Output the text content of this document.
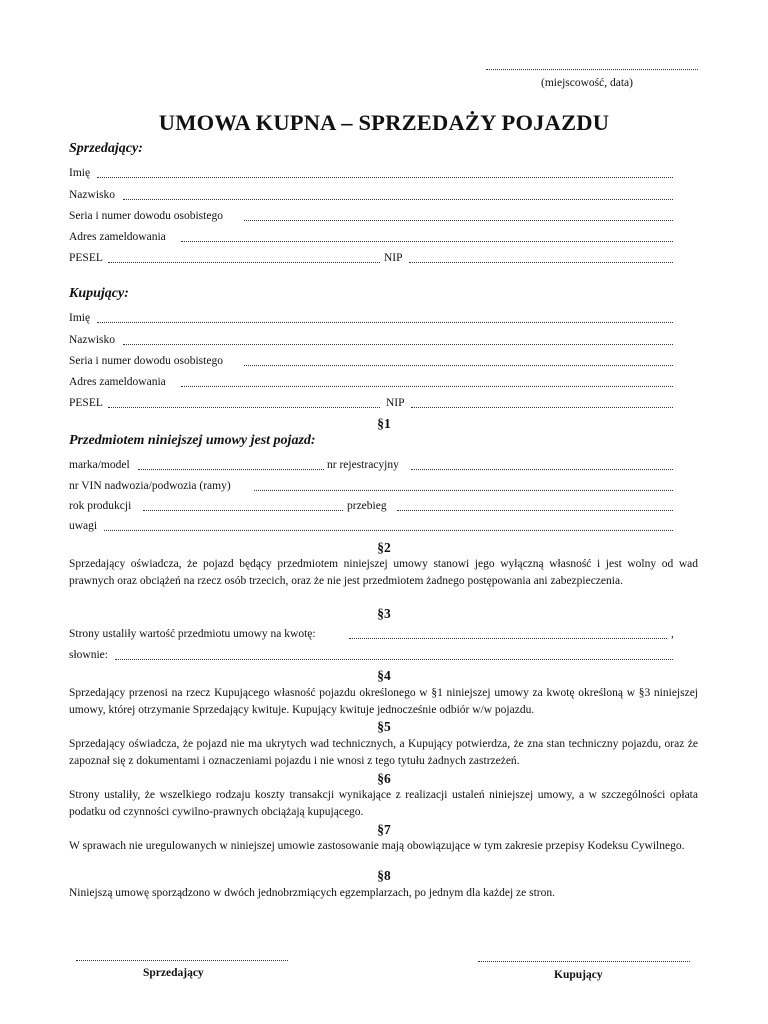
(miejscowość, data)
UMOWA KUPNA – SPRZEDAŻY POJAZDU
Sprzedający:
Imię
Nazwisko
Seria i numer dowodu osobistego
Adres zameldowania
PESEL	NIP
Kupujący:
Imię
Nazwisko
Seria i numer dowodu osobistego
Adres zameldowania
PESEL	NIP
§1
Przedmiotem niniejszej umowy jest pojazd:
marka/model	nr rejestracyjny
nr VIN nadwozia/podwozia (ramy)
rok produkcji	przebieg
uwagi
§2
Sprzedający oświadcza, że pojazd będący przedmiotem niniejszej umowy stanowi jego wyłączną własność i jest wolny od wad prawnych oraz obciążeń na rzecz osób trzecich, oraz że nie jest przedmiotem żadnego postępowania ani zabezpieczenia.
§3
Strony ustaliły wartość przedmiotu umowy na kwotę:	,
słownie:
§4
Sprzedający przenosi na rzecz Kupującego własność pojazdu określonego w §1 niniejszej umowy za kwotę określoną w §3 niniejszej umowy, której otrzymanie Sprzedający kwituje. Kupujący kwituje jednocześnie odbiór w/w pojazdu.
§5
Sprzedający oświadcza, że pojazd nie ma ukrytych wad technicznych, a Kupujący potwierdza, że zna stan techniczny pojazdu, oraz że zapoznał się z dokumentami i oznaczeniami pojazdu i nie wnosi z tego tytułu żadnych zastrzeżeń.
§6
Strony ustaliły, że wszelkiego rodzaju koszty transakcji wynikające z realizacji ustaleń niniejszej umowy, a w szczególności opłata podatku od czynności cywilno-prawnych obciążają kupującego.
§7
W sprawach nie uregulowanych w niniejszej umowie zastosowanie mają obowiązujące w tym zakresie przepisy Kodeksu Cywilnego.
§8
Niniejszą umowę sporządzono w dwóch jednobrzmiących egzemplarzach, po jednym dla każdej ze stron.
Sprzedający	Kupujący
